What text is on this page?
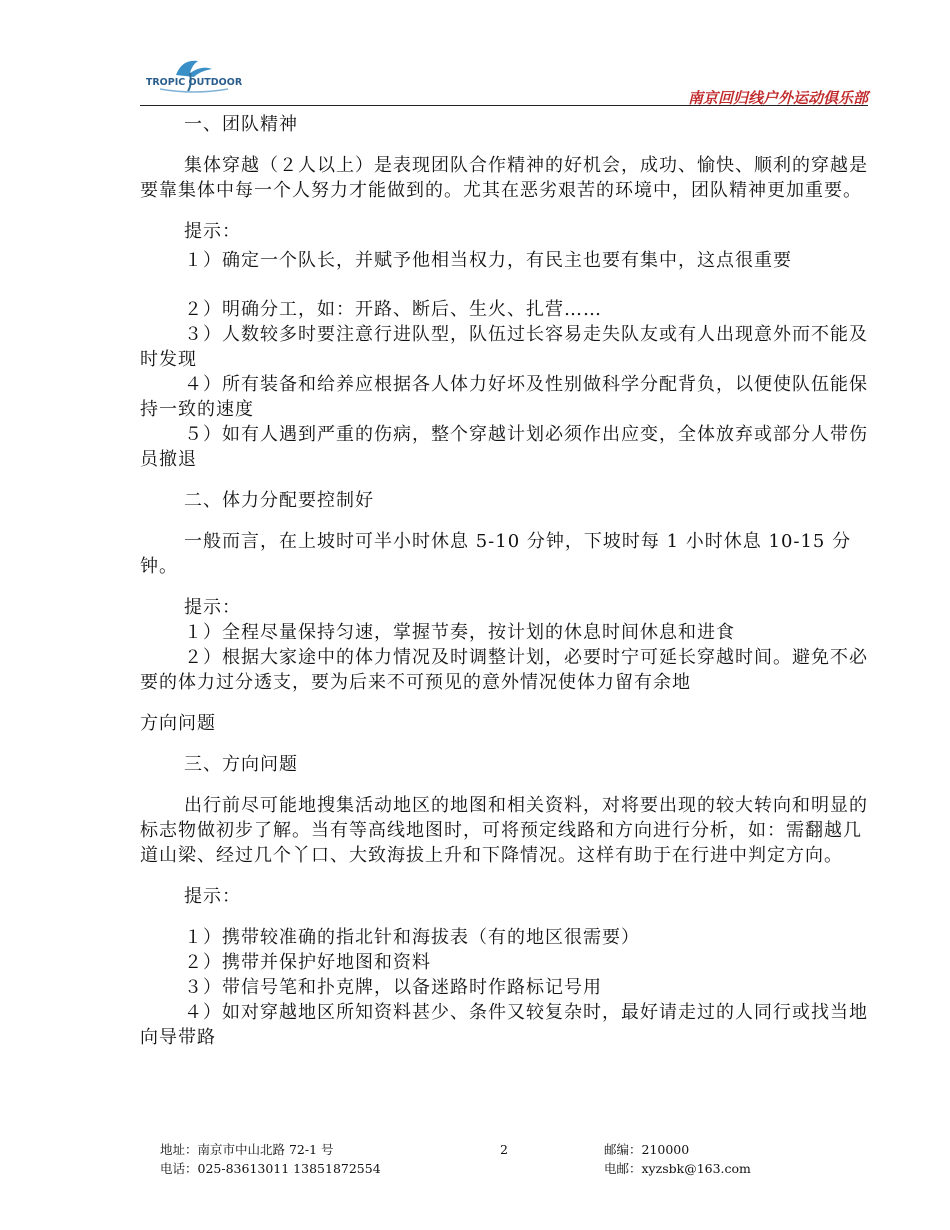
TROPIC OUTDOOR
南京回归线户外运动俱乐部

一、团队精神

集体穿越（２人以上）是表现团队合作精神的好机会，成功、愉快、顺利的穿越是要靠集体中每一个人努力才能做到的。尤其在恶劣艰苦的环境中，团队精神更加重要。

提示：

１）确定一个队长，并赋予他相当权力，有民主也要有集中，这点很重要

２）明确分工，如：开路、断后、生火、扎营……

３）人数较多时要注意行进队型，队伍过长容易走失队友或有人出现意外而不能及时发现

４）所有装备和给养应根据各人体力好坏及性别做科学分配背负，以便使队伍能保持一致的速度

５）如有人遇到严重的伤病，整个穿越计划必须作出应变，全体放弃或部分人带伤员撤退

二、体力分配要控制好

一般而言，在上坡时可半小时休息 5-10 分钟，下坡时每 1 小时休息 10-15 分钟。

提示：

１）全程尽量保持匀速，掌握节奏，按计划的休息时间休息和进食

２）根据大家途中的体力情况及时调整计划，必要时宁可延长穿越时间。避免不必要的体力过分透支，要为后来不可预见的意外情况使体力留有余地

方向问题

三、方向问题

出行前尽可能地搜集活动地区的地图和相关资料，对将要出现的较大转向和明显的标志物做初步了解。当有等高线地图时，可将预定线路和方向进行分析，如：需翻越几道山梁、经过几个丫口、大致海拔上升和下降情况。这样有助于在行进中判定方向。

提示：

１）携带较准确的指北针和海拔表（有的地区很需要）

２）携带并保护好地图和资料

３）带信号笔和扑克牌，以备迷路时作路标记号用

４）如对穿越地区所知资料甚少、条件又较复杂时，最好请走过的人同行或找当地向导带路

地址：南京市中山北路 72-1 号
电话：025-83613011 13851872554
2	邮编：210000
电邮：xyzsbk@163.com
